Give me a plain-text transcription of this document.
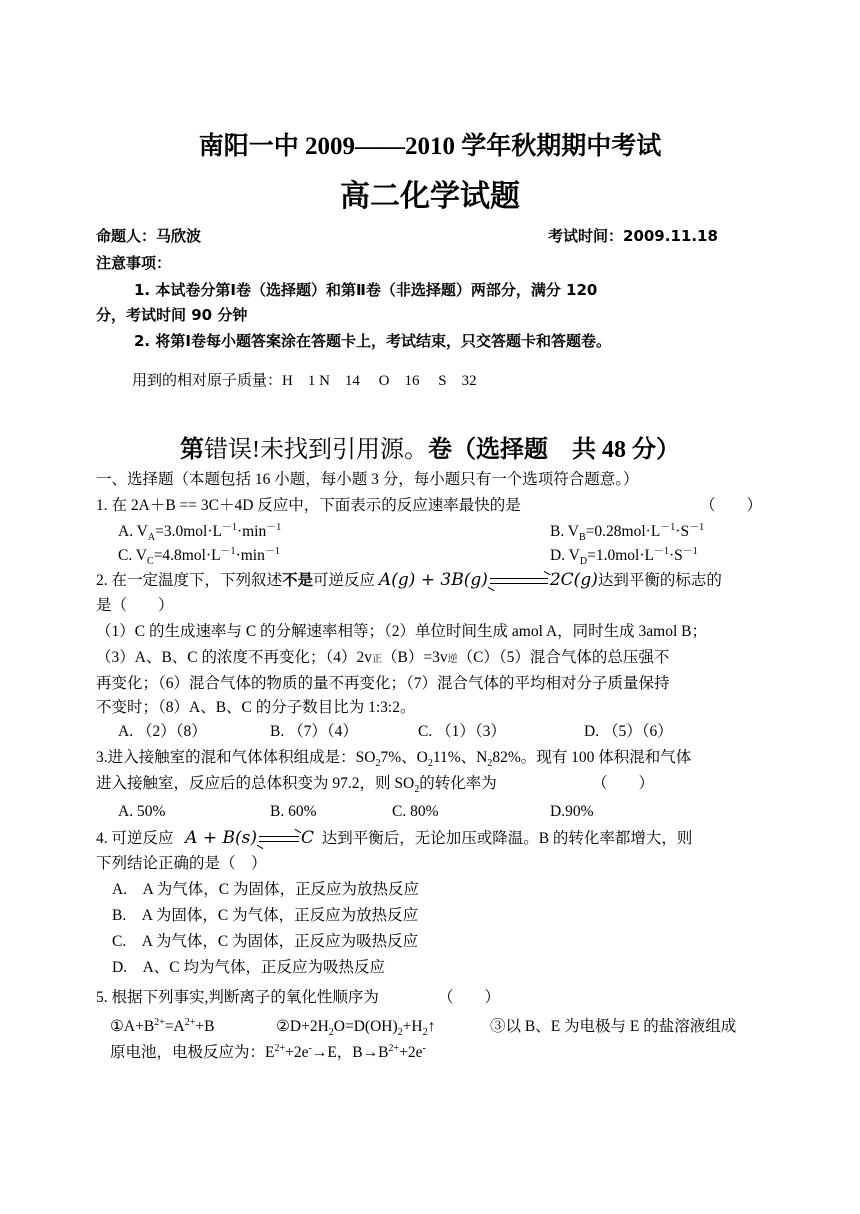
南阳一中 2009——2010 学年秋期期中考试
高二化学试题
命题人：马欣波	考试时间：2009.11.18
注意事项：
1. 本试卷分第Ⅰ卷（选择题）和第Ⅱ卷（非选择题）两部分，满分 120
分，考试时间 90 分钟
2. 将第Ⅰ卷每小题答案涂在答题卡上，考试结束，只交答题卡和答题卷。
用到的相对原子质量：H　1 N　14　 O　16　 S　32
第错误!未找到引用源。卷（选择题　共 48 分）
一、选择题（本题包括 16 小题，每小题 3 分，每小题只有一个选项符合题意。）
1. 在 2A＋B == 3C＋4D 反应中，下面表示的反应速率最快的是	（　　）
A. $V_A=3.0mol\cdot L^{-1}\cdot\min^{-1}$	B. $V_B=0.28mol\cdot L^{-1}\cdot S^{-1}$
C. $V_C=4.8mol\cdot L^{-1}\cdot\min^{-1}$	D. $V_D=1.0mol\cdot L^{-1}\cdot S^{-1}$
2. 在一定温度下，下列叙述不是可逆反应 A(g) + 3B(g) → 2C(g)达到平衡的标志的
是（　　）
（1）C 的生成速率与 C 的分解速率相等；（2）单位时间生成 amol A，同时生成 3amol B；
（3）A、B、C 的浓度不再变化；（4）2v正（B）=3v逆（C）（5）混合气体的总压强不
再变化；（6）混合气体的物质的量不再变化；（7）混合气体的平均相对分子质量保持
不变时；（8）A、B、C 的分子数目比为 1:3:2。
A. （2）（8）	B. （7）（4）	C. （1）（3）	D. （5）（6）
3.进入接触室的混和气体体积组成是：$SO_27\%$、$O_211\%$、$N_282\%$。现有 100 体积混和气体
进入接触室，反应后的总体积变为 97.2，则 $SO_2$的转化率为	（　　）
A. 50%	B. 60%	C. 80%	D.90%
4. 可逆反应 A + B(s) → C 达到平衡后，无论加压或降温。B 的转化率都增大，则
下列结论正确的是（　）
A.　A 为气体，C 为固体，正反应为放热反应
B.　A 为固体，C 为气体，正反应为放热反应
C.　A 为气体，C 为固体，正反应为吸热反应
D.　A、C 均为气体，正反应为吸热反应
5. 根据下列事实,判断离子的氧化性顺序为	（　　）
$①A+B^{2+}=A^{2+}+B$	$②D+2H_2O=D(OH)_2+H_2↑$	③以 B、E 为电极与 E 的盐溶液组成
原电池，电极反应为：$E^{2+}+2e^-\to E$，$B\to B^{2+}+2e^-$
